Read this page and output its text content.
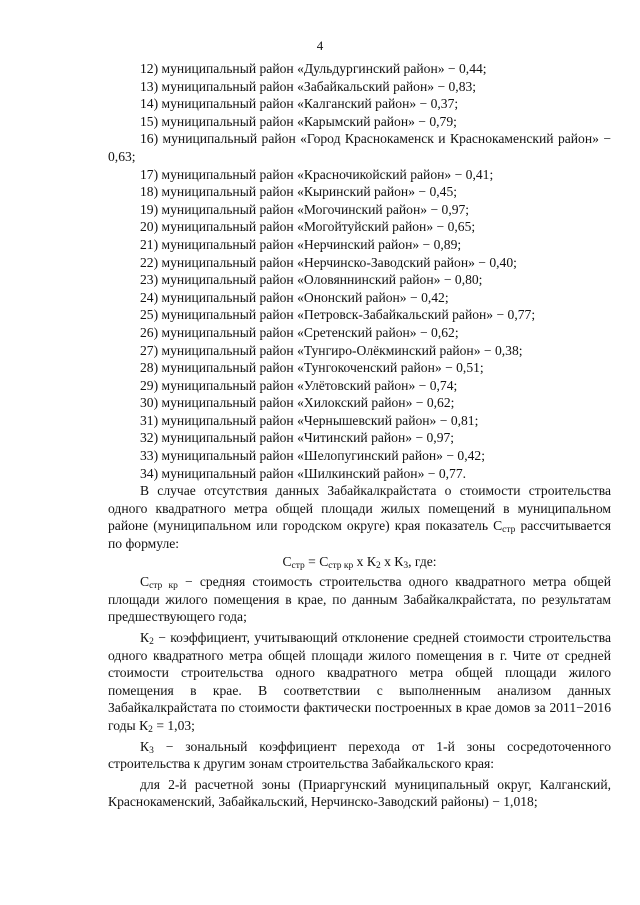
4
12) муниципальный район «Дульдургинский район» − 0,44;
13) муниципальный район «Забайкальский район» − 0,83;
14) муниципальный район «Калганский район» − 0,37;
15) муниципальный район «Карымский район» − 0,79;
16) муниципальный район «Город Краснокаменск и Краснокаменский район» − 0,63;
17) муниципальный район «Красночикойский район» − 0,41;
18) муниципальный район «Кыринский район» − 0,45;
19) муниципальный район «Могочинский район» − 0,97;
20) муниципальный район «Могойтуйский район» − 0,65;
21) муниципальный район «Нерчинский район» − 0,89;
22) муниципальный район «Нерчинско-Заводский район» − 0,40;
23) муниципальный район «Оловяннинский район» − 0,80;
24) муниципальный район «Ононский район» − 0,42;
25) муниципальный район «Петровск-Забайкальский район» − 0,77;
26) муниципальный район «Сретенский район» − 0,62;
27) муниципальный район «Тунгиро-Олёкминский район» − 0,38;
28) муниципальный район «Тунгокоченский район» − 0,51;
29) муниципальный район «Улётовский район» − 0,74;
30) муниципальный район «Хилокский район» − 0,62;
31) муниципальный район «Чернышевский район» − 0,81;
32) муниципальный район «Читинский район» − 0,97;
33) муниципальный район «Шелопугинский район» − 0,42;
34) муниципальный район «Шилкинский район» − 0,77.
В случае отсутствия данных Забайкалкрайстата о стоимости строительства одного квадратного метра общей площади жилых помещений в муниципальном районе (муниципальном или городском округе) края показатель $С_{стр}$ рассчитывается по формуле:
$С_{стр} = С_{стр кр}$ х $К_2$ х $К_3$, где:
$С_{стр кр}$ − средняя стоимость строительства одного квадратного метра общей площади жилого помещения в крае, по данным Забайкалкрайстата, по результатам предшествующего года;
$К_2$ − коэффициент, учитывающий отклонение средней стоимости строительства одного квадратного метра общей площади жилого помещения в г. Чите от средней стоимости строительства одного квадратного метра общей площади жилого помещения в крае. В соответствии с выполненным анализом данных Забайкалкрайстата по стоимости фактически построенных в крае домов за 2011−2016 годы $К_2 = 1,03$;
$К_3$ − зональный коэффициент перехода от 1-й зоны сосредоточенного строительства к другим зонам строительства Забайкальского края:
для 2-й расчетной зоны (Приаргунский муниципальный округ, Калганский, Краснокаменский, Забайкальский, Нерчинско-Заводский районы) − 1,018;
